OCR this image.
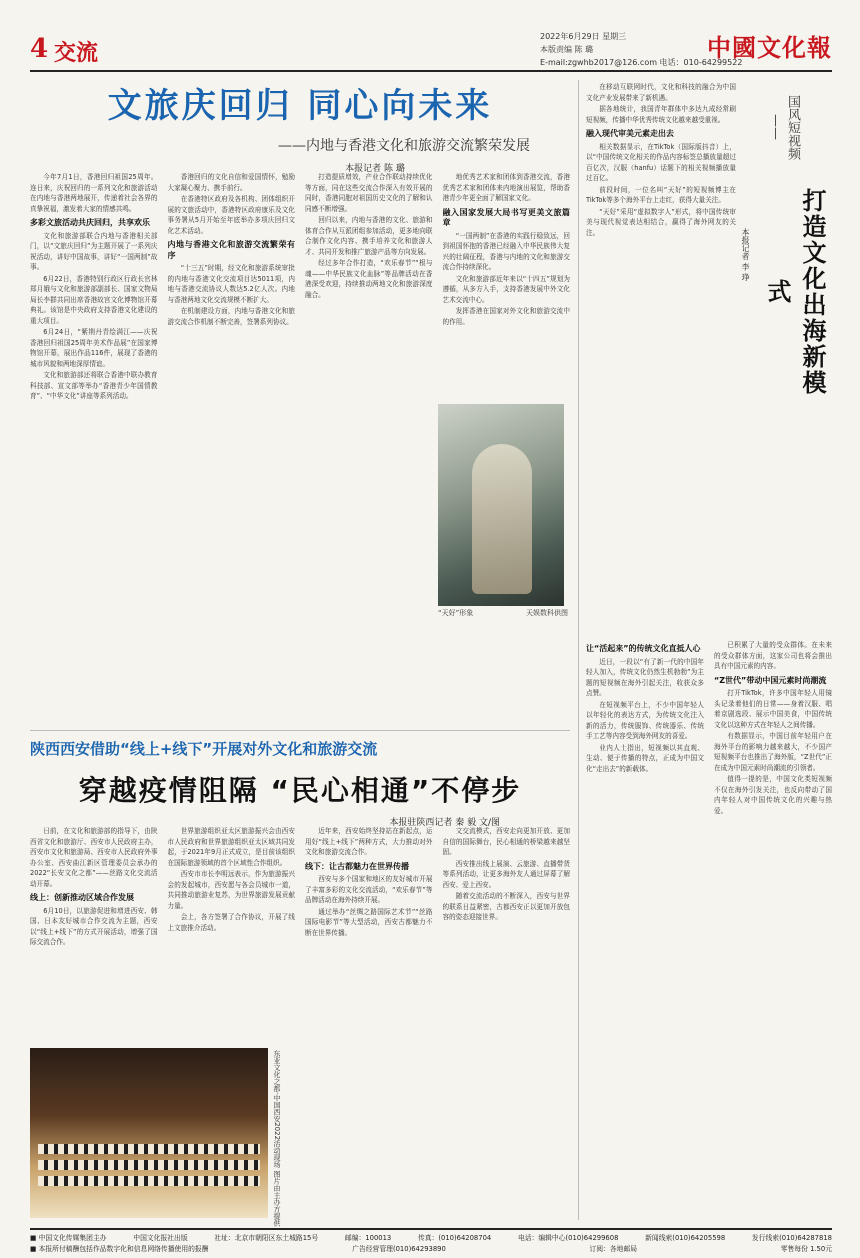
4 交流
2022年6月29日 星期三
本版责编 陈 璐
E-mail:zgwhb2017@126.com 电话：010-64299522
中國文化報
文旅庆回归 同心向未来
——内地与香港文化和旅游交流繁荣发展
本报记者 陈 璐

今年7月1日，香港回归祖国25周年。连日来，庆祝回归的一系列文化和旅游活动在内地与香港两地展开，传递着社会各界的真挚祝福，激发着大家的情感共鸣。

多彩文旅活动共庆回归，共享欢乐

文化和旅游部联合内地与香港相关部门，以“文旅庆回归”为主题开展了一系列庆祝活动，讲好中国故事，讲好“一国两制”故事。

6月22日，香港特别行政区行政长官林郑月娥与文化和旅游部副部长、国家文物局局长李群共同出席香港故宫文化博物馆开幕典礼。该馆是中央政府支持香港文化建设的重大项目。

6月24日，“紫荆丹青绘满江——庆祝香港回归祖国25周年美术作品展”在国家博物馆开幕，展出作品116件，展现了香港的城市风貌和两地深厚情谊。

文化和旅游部还将联合香港中联办教育科技部、宣文部等举办“香港青少年国情教育”、“中华文化”讲座等系列活动。

香港回归的文化自信和爱国情怀，勉励大家凝心聚力、携手前行。

在香港特区政府及各机构、团体组织开展的文旅活动中，香港特区政府康乐及文化事务署从5月开始至年底举办多项庆回归文化艺术活动。

内地与香港文化和旅游交流繁荣有序

“十三五”时期，经文化和旅游系统审批的内地与香港文化交流项目达5011项，内地与香港交流协议人数达5.2亿人次。内地与香港两地文化交流规模不断扩大。

在机制建设方面，内地与香港文化和旅游交流合作机制不断完善，签署系列协议。

打造提质增效，产业合作联动持续优化等方面，同在这些交流合作深入有效开展的同时，香港同胞对祖国历史文化的了解和认同感不断增强。

回归以来，内地与香港的文化、旅游和体育合作从互派团组参加活动，更多地向联合制作文化内容、携手培养文化和旅游人才、共同开发和推广旅游产品等方向发展。

经过多年合作打造，“欢乐春节”“根与魂——中华民族文化血脉”等品牌活动在香港深受欢迎，持续推动两地文化和旅游深度融合。

地优秀艺术家和团体到香港交流，香港优秀艺术家和团体来内地演出展览，帮助香港青少年更全面了解国家文化。

融入国家发展大局书写更美文旅篇章

“一国两制”在香港的实践行稳致远，回到祖国怀抱的香港已经融入中华民族伟大复兴的壮阔征程，香港与内地的文化和旅游交流合作持续深化。

文化和旅游部近年来以“十四五”规划为遵循，从多方入手，支持香港发展中外文化艺术交流中心。

发挥香港在国家对外文化和旅游交流中的作用。

“天好”形象	天娱数科供图

在移动互联网时代，文化和科技的融合为中国文化产业发展带来了新机遇。

据各地统计，我国青年群体中多达九成经常刷短视频，传播中华优秀传统文化越来越受重视。

融入现代审美元素走出去

相关数据显示，在TikTok（国际版抖音）上，以“中国传统文化相关的作品内容标签总播放量超过百亿次，汉服（hanfu）话题下的相关视频播放量过百亿。

前段时间，一位名叫“天好”的短视频博主在TikTok等多个海外平台上走红，获得大量关注。

“天好”采用“虚拟数字人”形式，将中国传统审美与现代视觉表达相结合，赢得了海外网友的关注。

国风短视频——
打造文化出海新模式
本报记者 李 琤
让“活起来”的传统文化直抵人心

近日，一段以“有了新一代的中国年轻人加入，传统文化仍然生机勃勃”为主题的短视频在海外引起关注，收获众多点赞。

在短视频平台上，不少中国年轻人以年轻化的表达方式，为传统文化注入新的活力，传统服饰、传统器乐、传统手工艺等内容受到海外网友的喜爱。

业内人士指出，短视频以其直观、生动、便于传播的特点，正成为中国文化“走出去”的新载体。

已积累了大量的受众群体。在未来的受众群体方面，这家公司也将会推出具有中国元素的内容。

“Z世代”带动中国元素时尚潮流

打开TikTok，许多中国年轻人用镜头记录着他们的日常——身着汉服、唱着京剧选段、展示中国美食，中国传统文化以这种方式在年轻人之间传播。

有数据显示，中国目前年轻用户在海外平台的影响力越来越大，不少国产短视频平台也推出了海外版，“Z世代”正在成为中国元素时尚潮流的引领者。

值得一提的是，中国文化类短视频不仅在海外引发关注，也反向带动了国内年轻人对中国传统文化的兴趣与热爱。

陕西西安借助“线上+线下”开展对外文化和旅游交流
穿越疫情阻隔 “民心相通”不停步
本报驻陕西记者 秦 毅 文/图

日前，在文化和旅游部的指导下，由陕西省文化和旅游厅、西安市人民政府主办，西安市文化和旅游局、西安市人民政府外事办公室、西安曲江新区管理委员会承办的2022“长安文化之都”——丝路文化交流活动开幕。

线上：创新推动区域合作发展

6月10日，以旅游促进和增进西安、韩国、日本友好城市合作交流为主题，西安以“线上+线下”的方式开展活动，增强了国际交流合作。

世界旅游组织亚太区旅游振兴会由西安市人民政府和世界旅游组织亚太区域共同发起，于2021年9月正式成立，是目前该组织在国际旅游领域的首个区域性合作组织。

西安市市长李明远表示，作为旅游振兴会的发起城市，西安愿与各会员城市一道，共同推动旅游业复苏，为世界旅游发展贡献力量。

会上，各方签署了合作协议，开展了线上文旅推介活动。

近年来，西安始终坚持站在新起点，运用好“线上+线下”两种方式，大力推动对外文化和旅游交流合作。

线下：让古都魅力在世界传播

西安与多个国家和地区的友好城市开展了丰富多彩的文化交流活动，“欢乐春节”等品牌活动在海外持续开展。

通过举办“丝绸之路国际艺术节”“丝路国际电影节”等大型活动，西安古都魅力不断在世界传播。

文交流模式，西安走向更加开放、更加自信的国际舞台，民心相通的桥梁越来越坚固。

西安推出线上展演、云旅游、直播带货等系列活动，让更多海外友人通过屏幕了解西安、爱上西安。

随着交流活动的不断深入，西安与世界的联系日益紧密，古都西安正以更加开放包容的姿态迎接世界。

东亚文化之都·中国西安2022活动现场 图片由主办方提供
■ 中国文化传媒集团主办	中国文化报社出版	社址：北京市朝阳区东土城路15号	邮编：100013	传真：(010)64208704	电话：编辑中心(010)64299608	新闻线索(010)64205598	发行线索(010)64287818
■ 本报所付稿酬包括作品数字化和信息网络传播使用的报酬	广告经营管理(010)64293890	订阅：各地邮局	零售每份 1.50元
